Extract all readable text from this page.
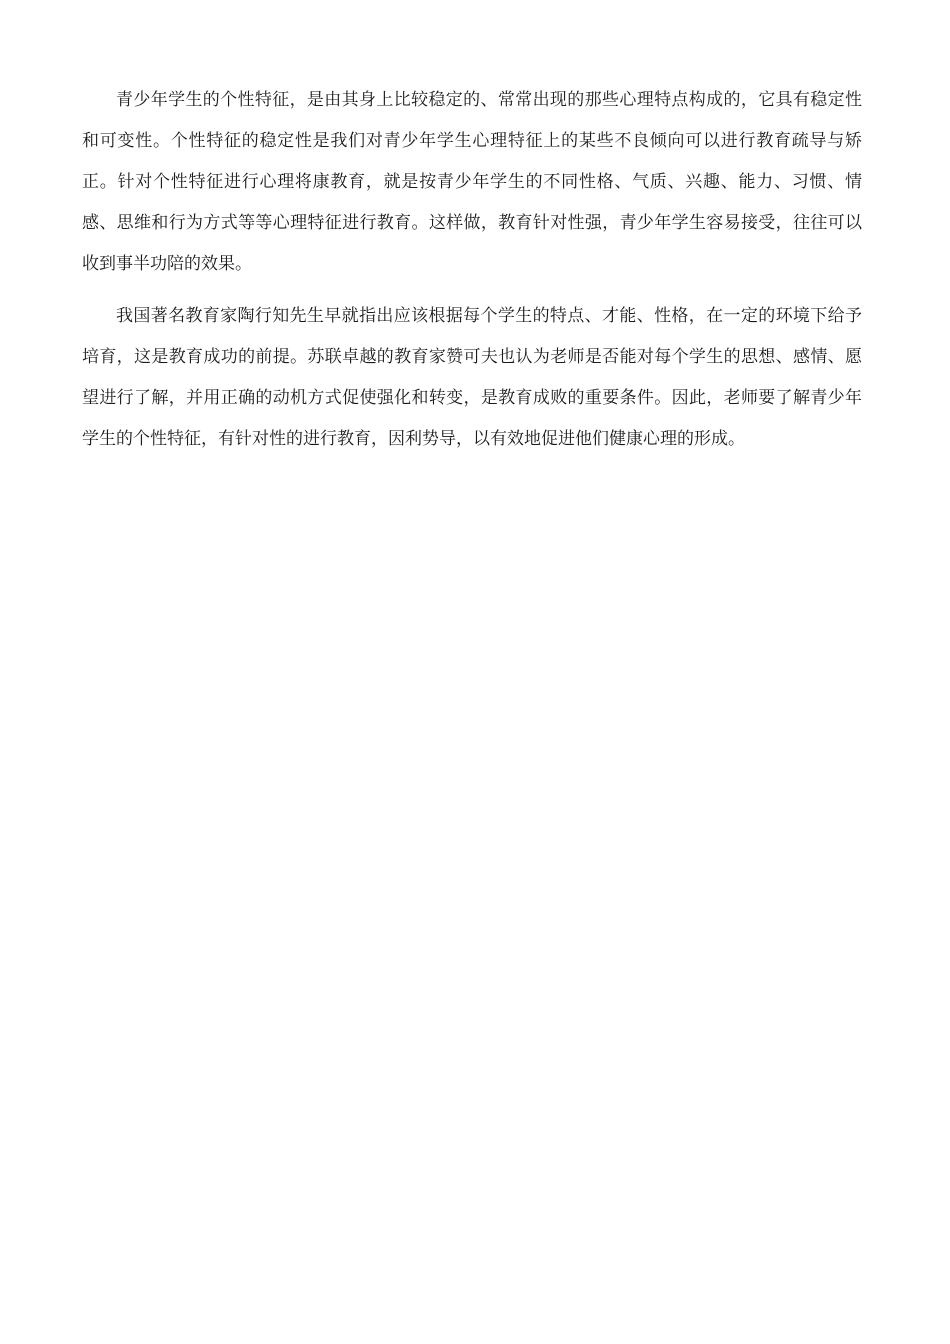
青少年学生的个性特征，是由其身上比较稳定的、常常出现的那些心理特点构成的，它具有稳定性和可变性。个性特征的稳定性是我们对青少年学生心理特征上的某些不良倾向可以进行教育疏导与矫正。针对个性特征进行心理将康教育，就是按青少年学生的不同性格、气质、兴趣、能力、习惯、情感、思维和行为方式等等心理特征进行教育。这样做，教育针对性强，青少年学生容易接受，往往可以收到事半功陪的效果。

我国著名教育家陶行知先生早就指出应该根据每个学生的特点、才能、性格，在一定的环境下给予培育，这是教育成功的前提。苏联卓越的教育家赞可夫也认为老师是否能对每个学生的思想、感情、愿望进行了解，并用正确的动机方式促使强化和转变，是教育成败的重要条件。因此，老师要了解青少年学生的个性特征，有针对性的进行教育，因利势导，以有效地促进他们健康心理的形成。
